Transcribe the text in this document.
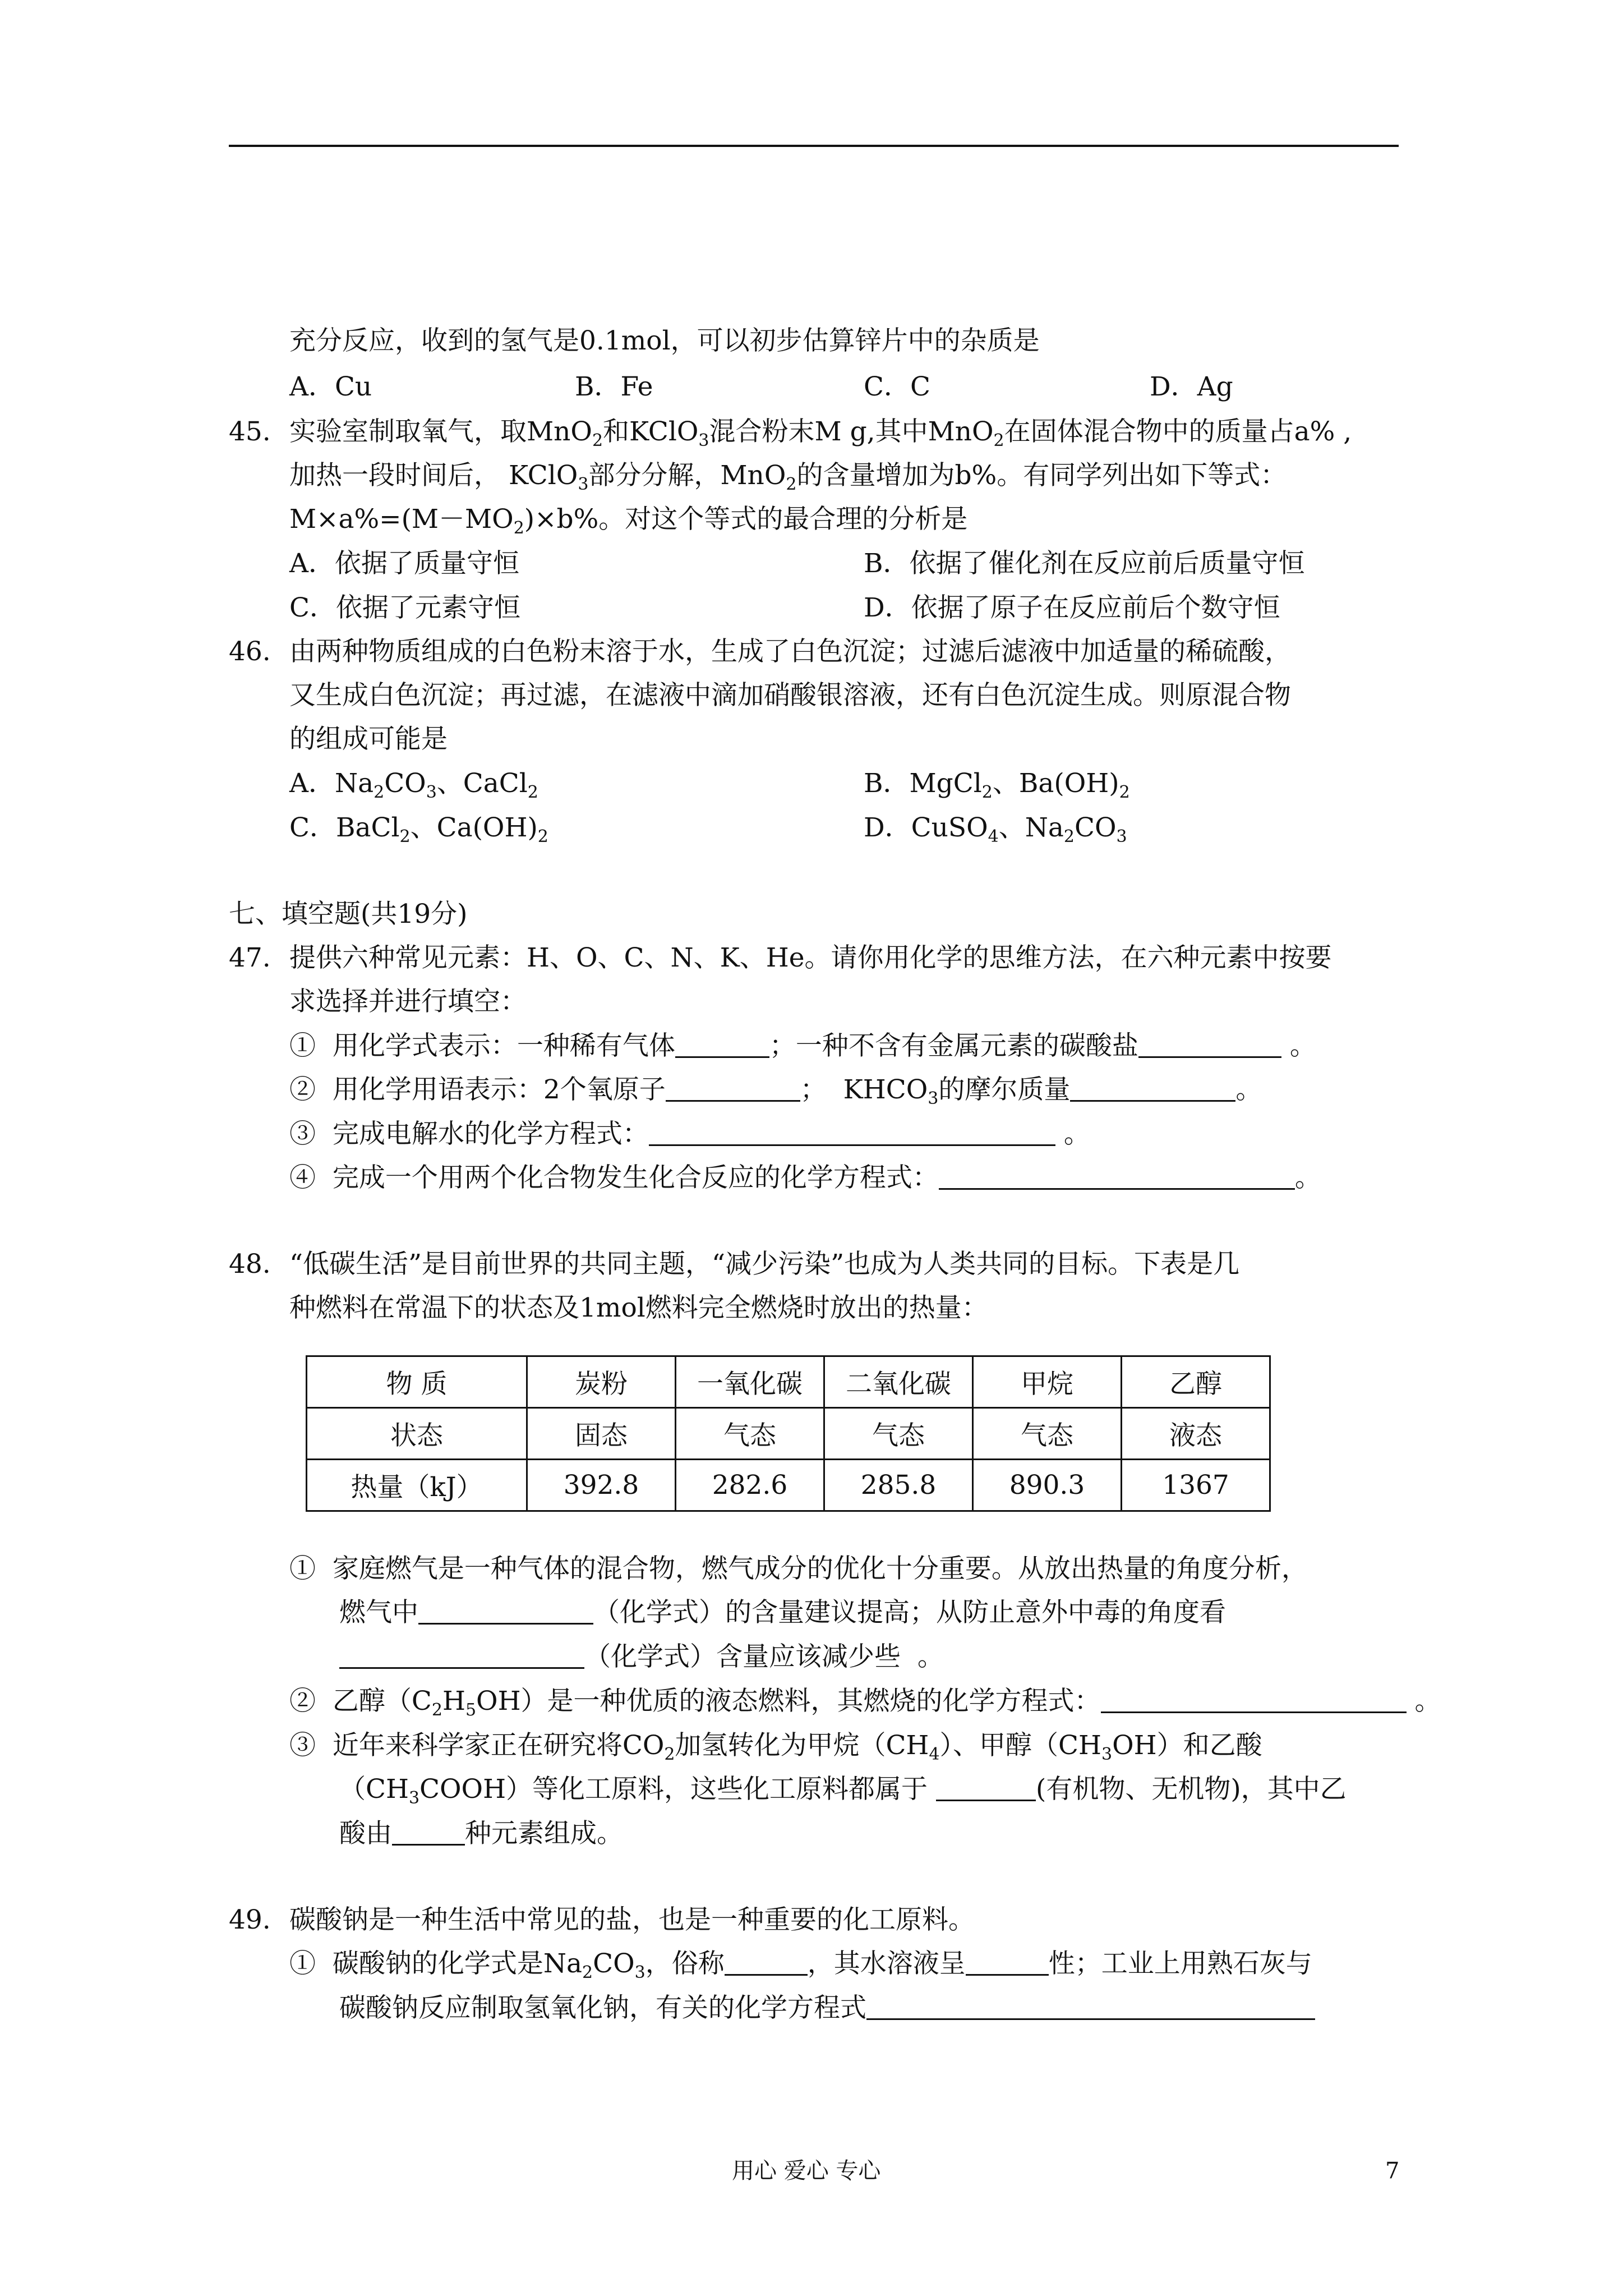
充分反应，收到的氢气是0.1mol，可以初步估算锌片中的杂质是
A．Cu	B．Fe	C．C	D．Ag
45. 实验室制取氧气，取MnO$_2$和KClO$_3$混合粉末M g,其中MnO$_2$在固体混合物中的质量占a% ,
加热一段时间后， KClO$_3$部分分解，MnO$_2$的含量增加为b%。有同学列出如下等式：
$M\times a\%=(M-MO_2)\times b\%$。对这个等式的最合理的分析是
A．依据了质量守恒	B．依据了催化剂在反应前后质量守恒
C．依据了元素守恒	D．依据了原子在反应前后个数守恒
46. 由两种物质组成的白色粉末溶于水，生成了白色沉淀；过滤后滤液中加适量的稀硫酸，
又生成白色沉淀；再过滤，在滤液中滴加硝酸银溶液，还有白色沉淀生成。则原混合物
的组成可能是
A．$Na_2CO_3$、CaCl$_2$	B．MgCl$_2$、$Ba(OH)_2$
C．BaCl$_2$、$Ca(OH)_2$	D．CuSO$_4$、$Na_2CO_3$
七、填空题(共19分)
47. 提供六种常见元素：H、O、C、N、K、He。请你用化学的思维方法，在六种元素中按要
求选择并进行填空：
①  用化学式表示：一种稀有气体	；一种不含有金属元素的碳酸盐	。
②  用化学用语表示：2个氧原子	；  $KHCO_3$的摩尔质量	。
③  完成电解水的化学方程式：	。
④  完成一个用两个化合物发生化合反应的化学方程式：	。
48. “低碳生活”是目前世界的共同主题，“减少污染”也成为人类共同的目标。下表是几
种燃料在常温下的状态及1mol燃料完全燃烧时放出的热量：
物 质	炭粉	一氧化碳	二氧化碳	甲烷	乙醇
状态	固态	气态	气态	气态	液态
热量（kJ）	392.8	282.6	285.8	890.3	1367
①  家庭燃气是一种气体的混合物，燃气成分的优化十分重要。从放出热量的角度分析，
燃气中	（化学式）的含量建议提高；从防止意外中毒的角度看
（化学式）含量应该减少些  。
②  乙醇$(C_2H_5OH)$是一种优质的液态燃料，其燃烧的化学方程式：	。
③  近年来科学家正在研究将$CO_2$加氢转化为甲烷$(CH_4)$、甲醇$(CH_3OH)$和乙酸
$(CH_3COOH)$等化工原料，这些化工原料都属于	(有机物、无机物)，其中乙
酸由	种元素组成。
49. 碳酸钠是一种生活中常见的盐，也是一种重要的化工原料。
①  碳酸钠的化学式是$Na_2CO_3$，俗称	，其水溶液呈	性；工业上用熟石灰与
碳酸钠反应制取氢氧化钠，有关的化学方程式
用心 爱心 专心	7
